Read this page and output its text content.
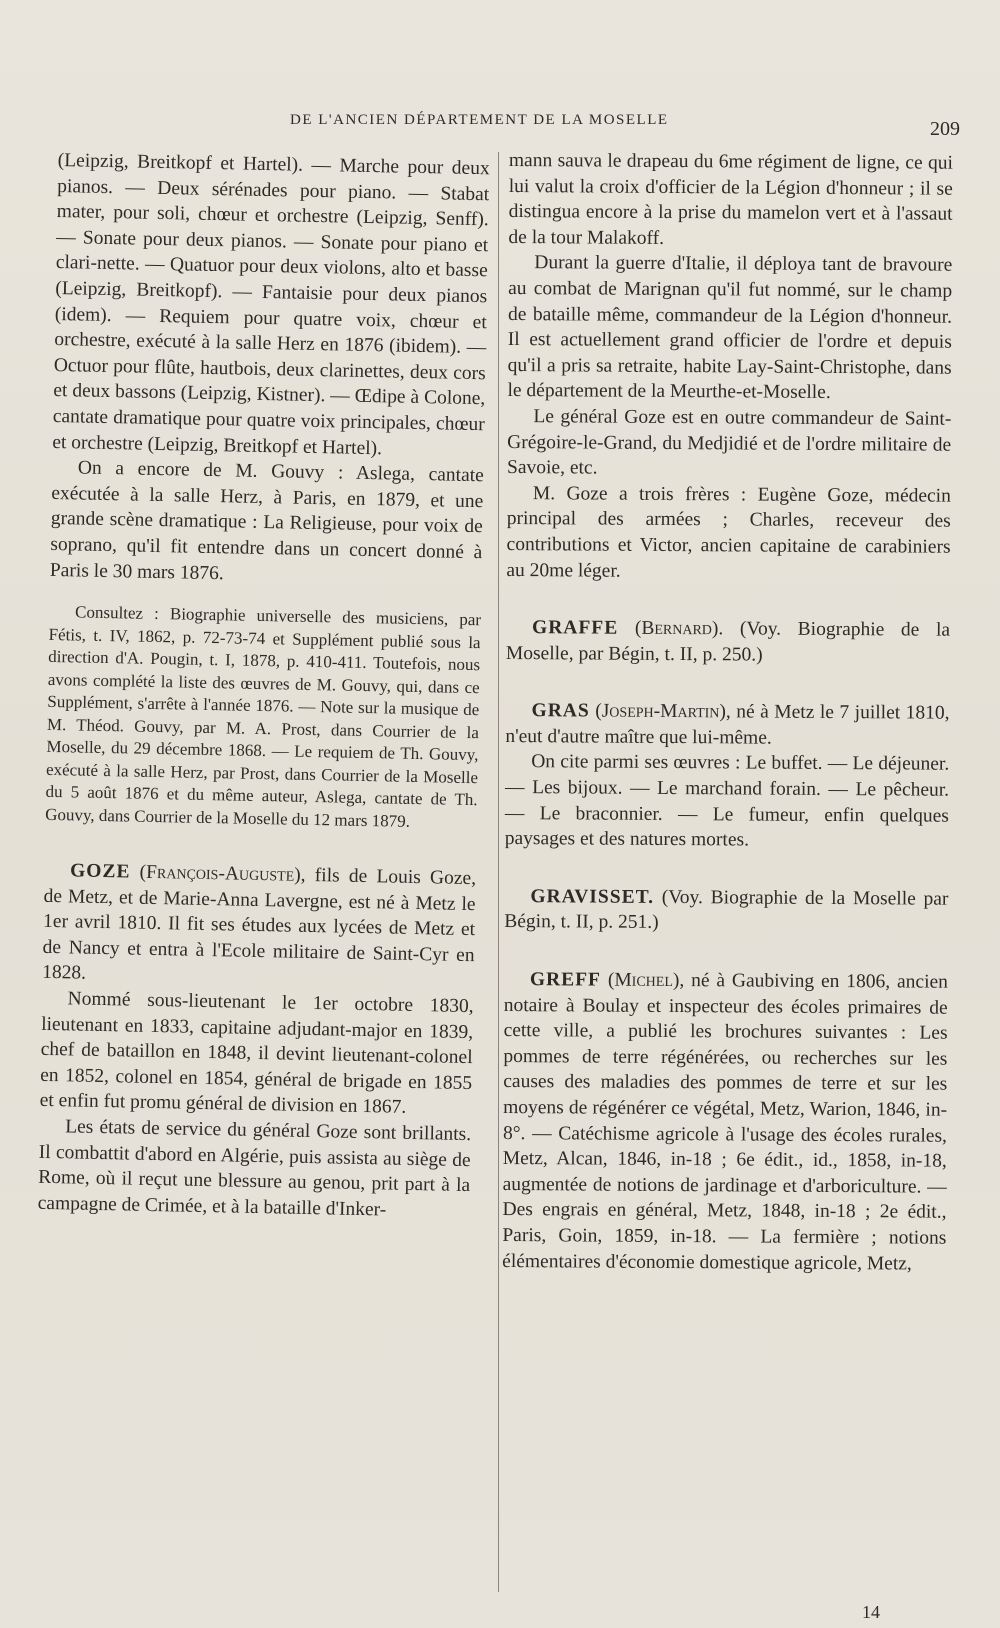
DE L'ANCIEN DÉPARTEMENT DE LA MOSELLE	209

(Leipzig, Breitkopf et Hartel). — Marche pour deux pianos. — Deux sérénades pour piano. — Stabat mater, pour soli, chœur et orchestre (Leipzig, Senff). — Sonate pour deux pianos. — Sonate pour piano et clari-nette. — Quatuor pour deux violons, alto et basse (Leipzig, Breitkopf). — Fantaisie pour deux pianos (idem). — Requiem pour quatre voix, chœur et orchestre, exécuté à la salle Herz en 1876 (ibidem). — Octuor pour flûte, hautbois, deux clarinettes, deux cors et deux bassons (Leipzig, Kistner). — Œdipe à Colone, cantate dramatique pour quatre voix principales, chœur et orchestre (Leipzig, Breitkopf et Hartel).

On a encore de M. Gouvy : Aslega, cantate exécutée à la salle Herz, à Paris, en 1879, et une grande scène dramatique : La Religieuse, pour voix de soprano, qu'il fit entendre dans un concert donné à Paris le 30 mars 1876.

Consultez : Biographie universelle des musiciens, par Fétis, t. IV, 1862, p. 72-73-74 et Supplément publié sous la direction d'A. Pougin, t. I, 1878, p. 410-411. Toutefois, nous avons complété la liste des œuvres de M. Gouvy, qui, dans ce Supplément, s'arrête à l'année 1876. — Note sur la musique de M. Théod. Gouvy, par M. A. Prost, dans Courrier de la Moselle, du 29 décembre 1868. — Le requiem de Th. Gouvy, exécuté à la salle Herz, par Prost, dans Courrier de la Moselle du 5 août 1876 et du même auteur, Aslega, cantate de Th. Gouvy, dans Courrier de la Moselle du 12 mars 1879.

GOZE (François-Auguste), fils de Louis Goze, de Metz, et de Marie-Anna Lavergne, est né à Metz le 1er avril 1810. Il fit ses études aux lycées de Metz et de Nancy et entra à l'Ecole militaire de Saint-Cyr en 1828.

Nommé sous-lieutenant le 1er octobre 1830, lieutenant en 1833, capitaine adjudant-major en 1839, chef de bataillon en 1848, il devint lieutenant-colonel en 1852, colonel en 1854, général de brigade en 1855 et enfin fut promu général de division en 1867.

Les états de service du général Goze sont brillants. Il combattit d'abord en Algérie, puis assista au siège de Rome, où il reçut une blessure au genou, prit part à la campagne de Crimée, et à la bataille d'Inker-

mann sauva le drapeau du 6me régiment de ligne, ce qui lui valut la croix d'officier de la Légion d'honneur ; il se distingua encore à la prise du mamelon vert et à l'assaut de la tour Malakoff.

Durant la guerre d'Italie, il déploya tant de bravoure au combat de Marignan qu'il fut nommé, sur le champ de bataille même, commandeur de la Légion d'honneur. Il est actuellement grand officier de l'ordre et depuis qu'il a pris sa retraite, habite Lay-Saint-Christophe, dans le département de la Meurthe-et-Moselle.

Le général Goze est en outre commandeur de Saint-Grégoire-le-Grand, du Medjidié et de l'ordre militaire de Savoie, etc.

M. Goze a trois frères : Eugène Goze, médecin principal des armées ; Charles, receveur des contributions et Victor, ancien capitaine de carabiniers au 20me léger.

GRAFFE (Bernard). (Voy. Biographie de la Moselle, par Bégin, t. II, p. 250.)

GRAS (Joseph-Martin), né à Metz le 7 juillet 1810, n'eut d'autre maître que lui-même.

On cite parmi ses œuvres : Le buffet. — Le déjeuner. — Les bijoux. — Le marchand forain. — Le pêcheur. — Le braconnier. — Le fumeur, enfin quelques paysages et des natures mortes.

GRAVISSET. (Voy. Biographie de la Moselle par Bégin, t. II, p. 251.)

GREFF (Michel), né à Gaubiving en 1806, ancien notaire à Boulay et inspecteur des écoles primaires de cette ville, a publié les brochures suivantes : Les pommes de terre régénérées, ou recherches sur les causes des maladies des pommes de terre et sur les moyens de régénérer ce végétal, Metz, Warion, 1846, in-8°. — Catéchisme agricole à l'usage des écoles rurales, Metz, Alcan, 1846, in-18 ; 6e édit., id., 1858, in-18, augmentée de notions de jardinage et d'arboriculture. — Des engrais en général, Metz, 1848, in-18 ; 2e édit., Paris, Goin, 1859, in-18. — La fermière ; notions élémentaires d'économie domestique agricole, Metz,

14
